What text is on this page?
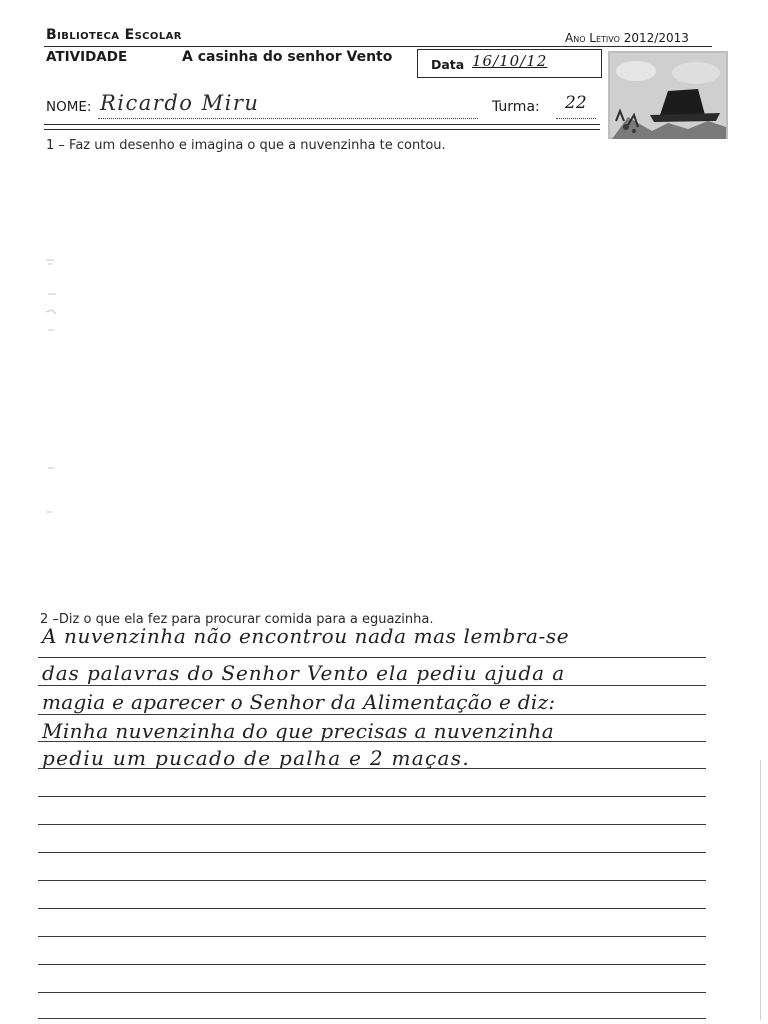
Biblioteca Escolar	Ano Letivo 2012/2013
ATIVIDADE	A casinha do senhor Vento	Data 16/10/12
NOME: Ricardo Miru	Turma: 22
1 – Faz um desenho e imagina o que a nuvenzinha te contou.
2 –Diz o que ela fez para procurar comida para a eguazinha.
A nuvenzinha não encontrou nada mas lembra-se
das palavras do Senhor Vento ela pediu ajuda a
magia e aparecer o Senhor da Alimentação e diz:
Minha nuvenzinha do que precisas a nuvenzinha
pediu um pucado de palha e 2 maças.
